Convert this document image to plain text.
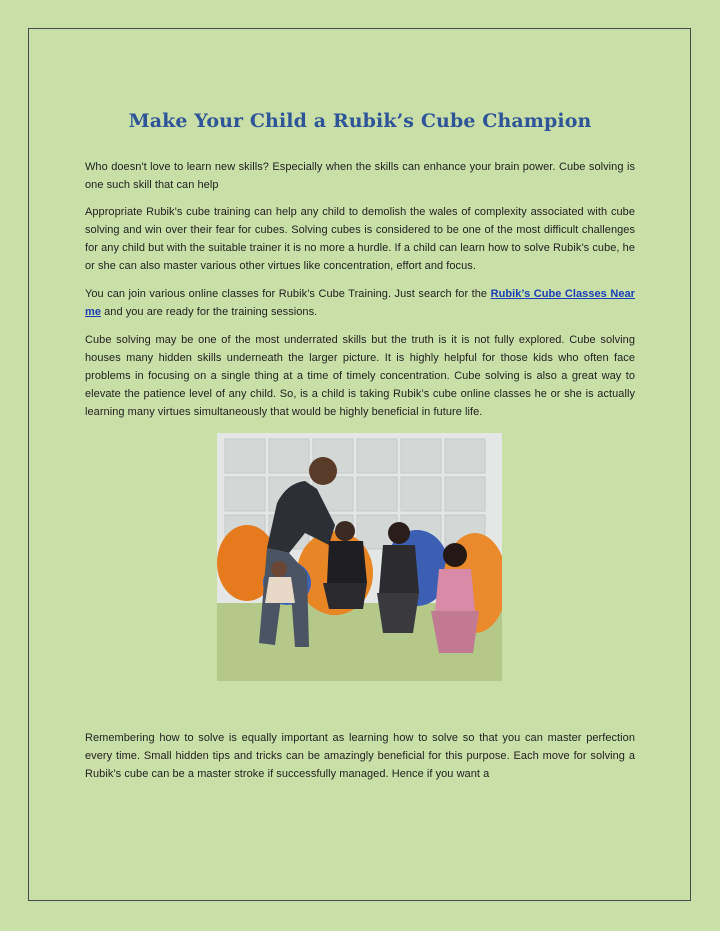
Make Your Child a Rubik’s Cube Champion

Who doesn't love to learn new skills? Especially when the skills can enhance your brain power. Cube solving is one such skill that can help

Appropriate Rubik’s cube training can help any child to demolish the wales of complexity associated with cube solving and win over their fear for cubes. Solving cubes is considered to be one of the most difficult challenges for any child but with the suitable trainer it is no more a hurdle. If a child can learn how to solve Rubik’s cube, he or she can also master various other virtues like concentration, effort and focus.

You can join various online classes for Rubik’s Cube Training. Just search for the Rubik’s Cube Classes Near me and you are ready for the training sessions.

Cube solving may be one of the most underrated skills but the truth is it is not fully explored. Cube solving houses many hidden skills underneath the larger picture. It is highly helpful for those kids who often face problems in focusing on a single thing at a time of timely concentration. Cube solving is also a great way to elevate the patience level of any child. So, is a child is taking Rubik’s cube online classes he or she is actually learning many virtues simultaneously that would be highly beneficial in future life.

Remembering how to solve is equally important as learning how to solve so that you can master perfection every time. Small hidden tips and tricks can be amazingly beneficial for this purpose. Each move for solving a Rubik’s cube can be a master stroke if successfully managed. Hence if you want a
